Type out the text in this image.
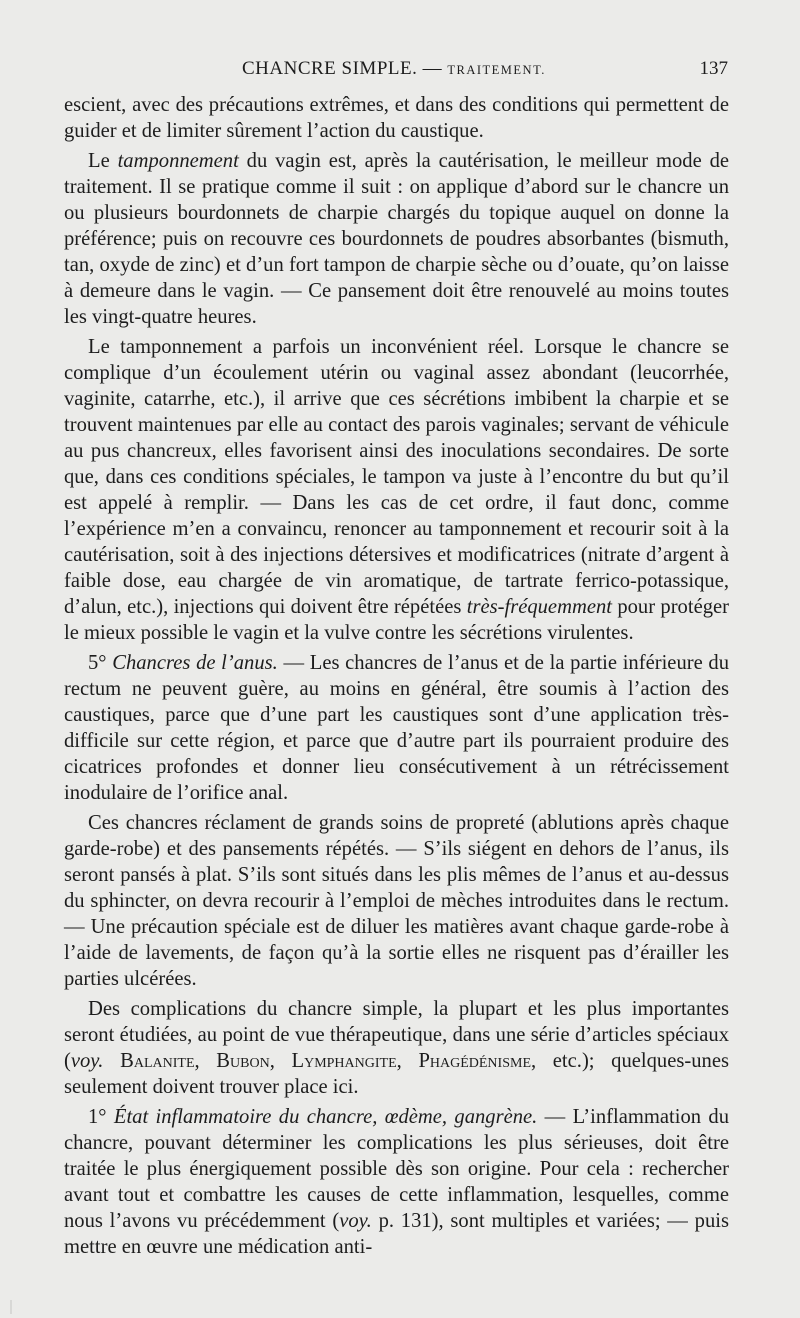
CHANCRE SIMPLE. — TRAITEMENT.	137

escient, avec des précautions extrêmes, et dans des conditions qui permettent de guider et de limiter sûrement l’action du caustique.

Le tamponnement du vagin est, après la cautérisation, le meilleur mode de traitement. Il se pratique comme il suit : on applique d’abord sur le chancre un ou plusieurs bourdonnets de charpie chargés du topique auquel on donne la préférence; puis on recouvre ces bourdonnets de poudres absorbantes (bismuth, tan, oxyde de zinc) et d’un fort tampon de charpie sèche ou d’ouate, qu’on laisse à demeure dans le vagin. — Ce pansement doit être renouvelé au moins toutes les vingt-quatre heures.

Le tamponnement a parfois un inconvénient réel. Lorsque le chancre se complique d’un écoulement utérin ou vaginal assez abondant (leucorrhée, vaginite, catarrhe, etc.), il arrive que ces sécrétions imbibent la charpie et se trouvent maintenues par elle au contact des parois vaginales; servant de véhicule au pus chancreux, elles favorisent ainsi des inoculations secondaires. De sorte que, dans ces conditions spéciales, le tampon va juste à l’encontre du but qu’il est appelé à remplir. — Dans les cas de cet ordre, il faut donc, comme l’expérience m’en a convaincu, renoncer au tamponnement et recourir soit à la cautérisation, soit à des injections détersives et modificatrices (nitrate d’argent à faible dose, eau chargée de vin aromatique, de tartrate ferrico-potassique, d’alun, etc.), injections qui doivent être répétées très-fréquemment pour protéger le mieux possible le vagin et la vulve contre les sécrétions virulentes.

5° Chancres de l’anus. — Les chancres de l’anus et de la partie inférieure du rectum ne peuvent guère, au moins en général, être soumis à l’action des caustiques, parce que d’une part les caustiques sont d’une application très-difficile sur cette région, et parce que d’autre part ils pourraient produire des cicatrices profondes et donner lieu consécutivement à un rétrécissement inodulaire de l’orifice anal.

Ces chancres réclament de grands soins de propreté (ablutions après chaque garde-robe) et des pansements répétés. — S’ils siégent en dehors de l’anus, ils seront pansés à plat. S’ils sont situés dans les plis mêmes de l’anus et au-dessus du sphincter, on devra recourir à l’emploi de mèches introduites dans le rectum. — Une précaution spéciale est de diluer les matières avant chaque garde-robe à l’aide de lavements, de façon qu’à la sortie elles ne risquent pas d’érailler les parties ulcérées.

Des complications du chancre simple, la plupart et les plus importantes seront étudiées, au point de vue thérapeutique, dans une série d’articles spéciaux (voy. Balanite, Bubon, Lymphangite, Phagédénisme, etc.); quelques-unes seulement doivent trouver place ici.

1° État inflammatoire du chancre, œdème, gangrène. — L’inflammation du chancre, pouvant déterminer les complications les plus sérieuses, doit être traitée le plus énergiquement possible dès son origine. Pour cela : rechercher avant tout et combattre les causes de cette inflammation, lesquelles, comme nous l’avons vu précédemment (voy. p. 131), sont multiples et variées; — puis mettre en œuvre une médication anti-
